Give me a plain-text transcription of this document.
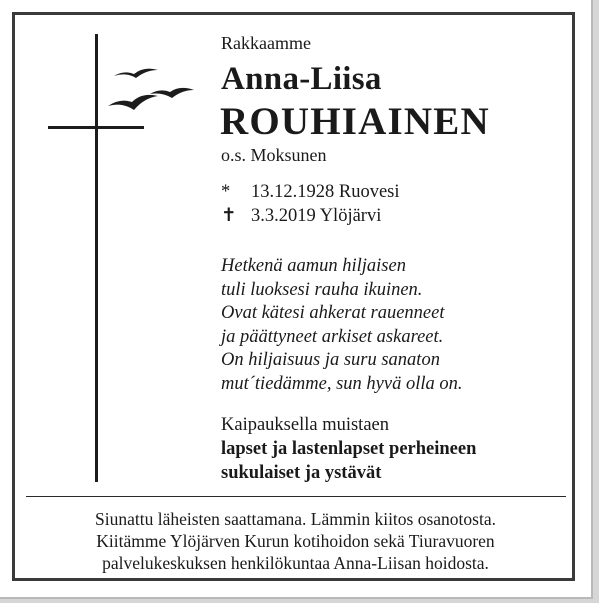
Rakkaamme
Anna-Liisa
ROUHIAINEN
o.s. Moksunen
*	13.12.1928 Ruovesi
✝ 3.3.2019 Ylöjärvi
Hetkenä aamun hiljaisen
tuli luoksesi rauha ikuinen.
Ovat kätesi ahkerat rauenneet
ja päättyneet arkiset askareet.
On hiljaisuus ja suru sanaton
mut´tiedämme, sun hyvä olla on.
Kaipauksella muistaen
lapset ja lastenlapset perheineen
sukulaiset ja ystävät
Siunattu läheisten saattamana. Lämmin kiitos osanotosta.
Kiitämme Ylöjärven Kurun kotihoidon sekä Tiuravuoren
palvelukeskuksen henkilökuntaa Anna-Liisan hoidosta.
